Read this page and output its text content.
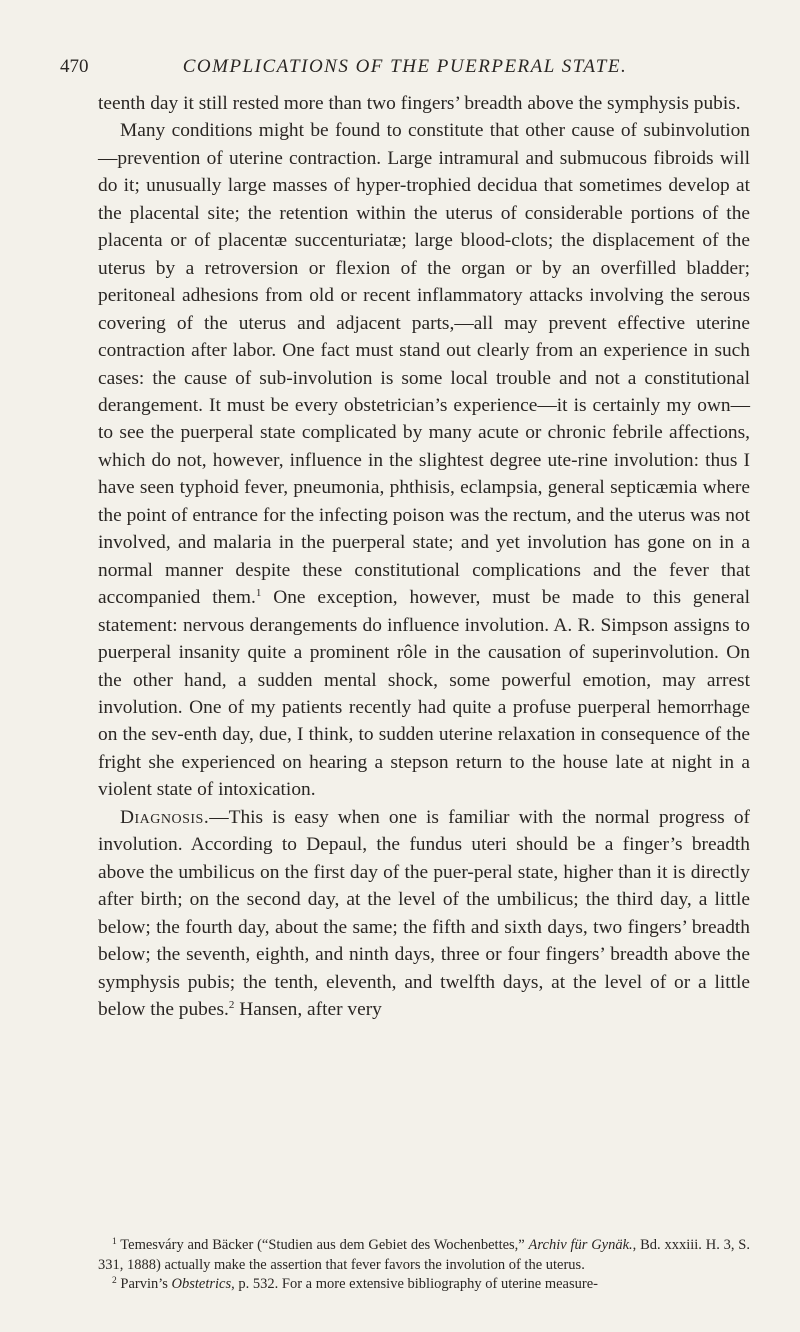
470	COMPLICATIONS OF THE PUERPERAL STATE.

teenth day it still rested more than two fingers’ breadth above the symphysis pubis.

Many conditions might be found to constitute that other cause of subinvolution—prevention of uterine contraction. Large intramural and submucous fibroids will do it; unusually large masses of hyper-trophied decidua that sometimes develop at the placental site; the retention within the uterus of considerable portions of the placenta or of placentæ succenturiatæ; large blood-clots; the displacement of the uterus by a retroversion or flexion of the organ or by an overfilled bladder; peritoneal adhesions from old or recent inflammatory attacks involving the serous covering of the uterus and adjacent parts,—all may prevent effective uterine contraction after labor. One fact must stand out clearly from an experience in such cases: the cause of sub-involution is some local trouble and not a constitutional derangement. It must be every obstetrician’s experience—it is certainly my own—to see the puerperal state complicated by many acute or chronic febrile affections, which do not, however, influence in the slightest degree ute-rine involution: thus I have seen typhoid fever, pneumonia, phthisis, eclampsia, general septicæmia where the point of entrance for the infecting poison was the rectum, and the uterus was not involved, and malaria in the puerperal state; and yet involution has gone on in a normal manner despite these constitutional complications and the fever that accompanied them.$^1$ One exception, however, must be made to this general statement: nervous derangements do influence involution. A. R. Simpson assigns to puerperal insanity quite a prominent rôle in the causation of superinvolution. On the other hand, a sudden mental shock, some powerful emotion, may arrest involution. One of my patients recently had quite a profuse puerperal hemorrhage on the sev-enth day, due, I think, to sudden uterine relaxation in consequence of the fright she experienced on hearing a stepson return to the house late at night in a violent state of intoxication.

Diagnosis.—This is easy when one is familiar with the normal progress of involution. According to Depaul, the fundus uteri should be a finger’s breadth above the umbilicus on the first day of the puer-peral state, higher than it is directly after birth; on the second day, at the level of the umbilicus; the third day, a little below; the fourth day, about the same; the fifth and sixth days, two fingers’ breadth below; the seventh, eighth, and ninth days, three or four fingers’ breadth above the symphysis pubis; the tenth, eleventh, and twelfth days, at the level of or a little below the pubes.$^2$ Hansen, after very

$^1$ Temesváry and Bäcker (“Studien aus dem Gebiet des Wochenbettes,” Archiv für Gynäk., Bd. xxxiii. H. 3, S. 331, 1888) actually make the assertion that fever favors the involution of the uterus.

$^2$ Parvin’s Obstetrics, p. 532. For a more extensive bibliography of uterine measure-
